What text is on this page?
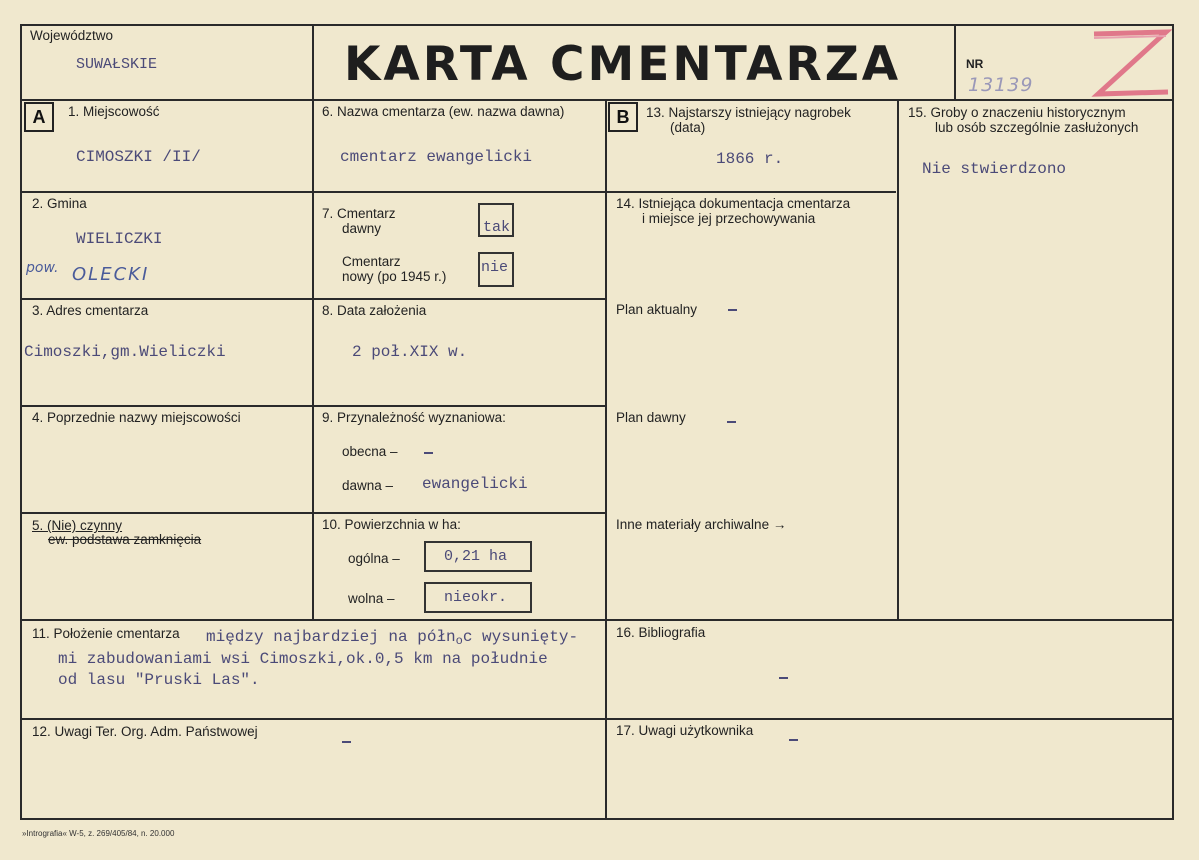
Województwo
SUWAŁSKIE	KARTA CMENTARZA	NR
13139
A	B
1. Miejscowość
CIMOSZKI /II/
2. Gmina
WIELICZKI
pow. OLECKI
3. Adres cmentarza
Cimoszki,gm.Wieliczki
4. Poprzednie nazwy miejscowości
5. (Nie) czynny
ew. podstawa zamknięcia
6. Nazwa cmentarza (ew. nazwa dawna)
cmentarz ewangelicki
7. Cmentarz
dawny	tak
Cmentarz
nowy (po 1945 r.)
nie
8. Data założenia
2 poł.XIX w.
9. Przynależność wyznaniowa:
obecna –
dawna – ewangelicki
10. Powierzchnia w ha:
ogólna –	0,21 ha
wolna –	nieokr.
13. Najstarszy istniejący nagrobek
(data)
1866 r.
14. Istniejąca dokumentacja cmentarza
i miejsce jej przechowywania
Plan aktualny
Plan dawny
Inne materiały archiwalne →
15. Groby o znaczeniu historycznym
lub osób szczególnie zasłużonych
Nie stwierdzono
11. Położenie cmentarza między najbardziej na północ wysunięty-
mi zabudowaniami wsi Cimoszki,ok.0,5 km na południe
od lasu "Pruski Las".
16. Bibliografia
12. Uwagi Ter. Org. Adm. Państwowej	17. Uwagi użytkownika
»Intrografia« W-5, z. 269/405/84, n. 20.000
